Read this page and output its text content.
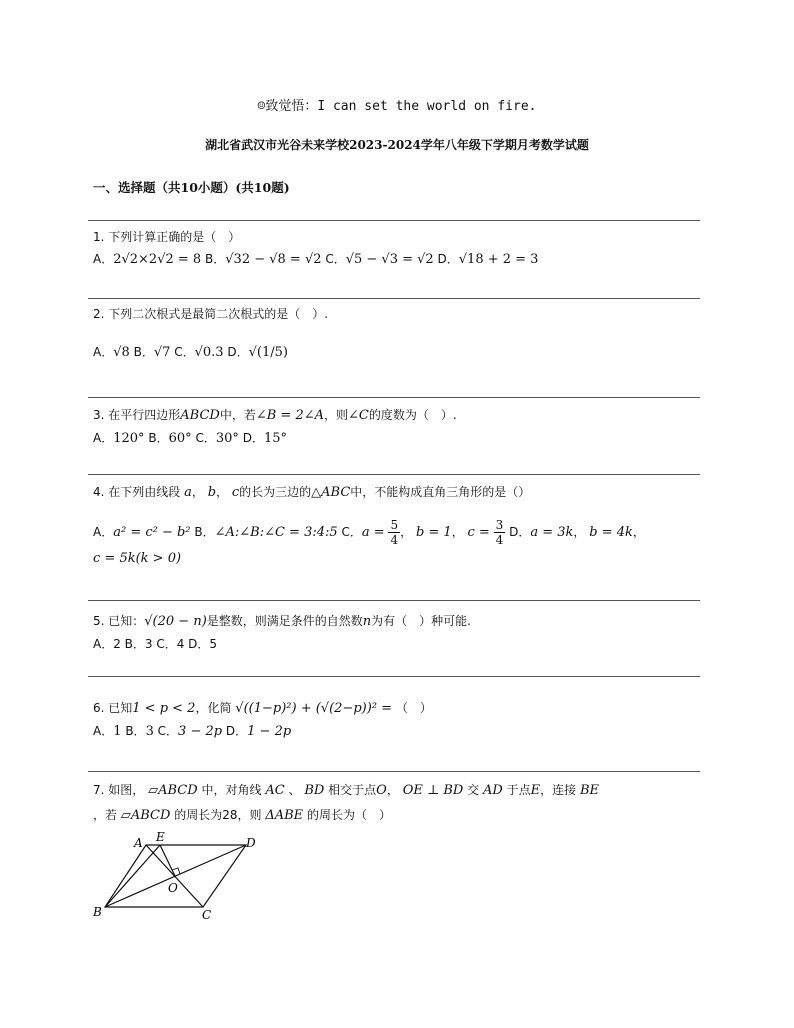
☺致觉悟：I can set the world on fire.
湖北省武汉市光谷未来学校2023-2024学年八年级下学期月考数学试题
一、选择题（共10小题）(共10题)
1. 下列计算正确的是（　）
A．2√2×2√2 = 8 B．√32 − √8 = √2 C．√5 − √3 = √2 D．√18 + 2 = 3
2. 下列二次根式是最简二次根式的是（　）.
A．√8 B．√7 C．√0.3 D．√(1/5)
3. 在平行四边形ABCD中，若∠B = 2∠A，则∠C的度数为（　）.
A．120° B．60° C．30° D．15°
4. 在下列由线段 a， b， c的长为三边的△ABC中，不能构成直角三角形的是（）
A．a² = c² − b² B．∠A:∠B:∠C = 3:4:5 C．$a = \frac{5}{4}$ ， b = 1， $c = \frac{3}{4}$ D．a = 3k， b = 4k，
c = 5k(k > 0)
5. 已知：√(20 − n)是整数，则满足条件的自然数n为有（　）种可能.
A．2 B．3 C．4 D．5
6. 已知1 < p < 2，化简 √((1−p)²) + (√(2−p))² = （　）
A．1 B．3 C．3 − 2p D．1 − 2p
7. 如图， ▱ABCD 中，对角线 AC 、 BD 相交于点O， OE ⊥ BD 交 AD 于点E，连接 BE
，若 ▱ABCD 的周长为28，则 ΔABE 的周长为（　）
A E	D
O
B	C
